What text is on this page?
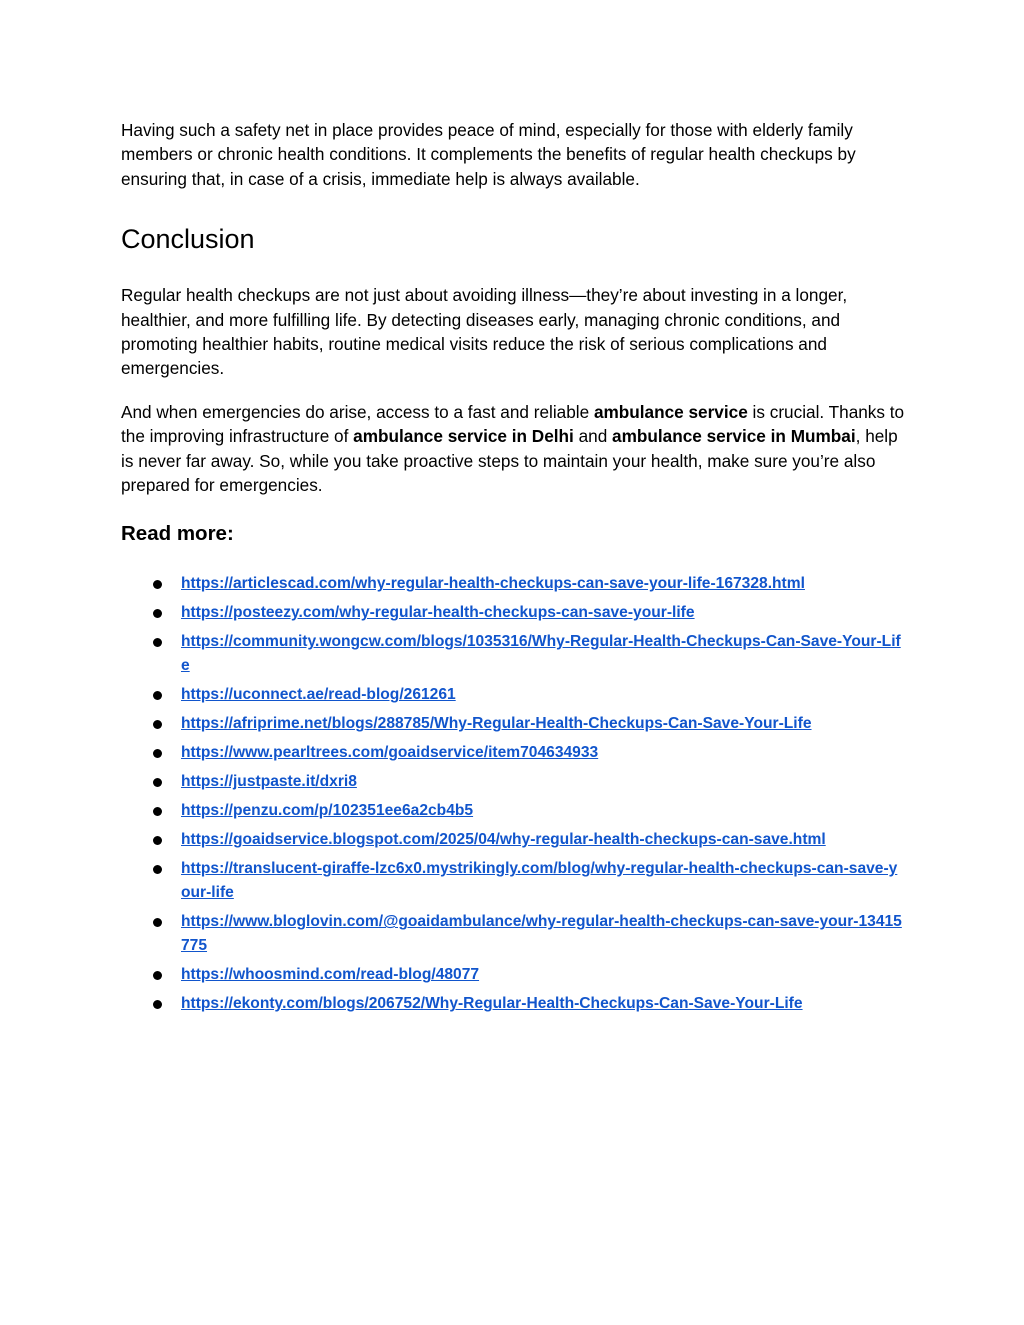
Having such a safety net in place provides peace of mind, especially for those with elderly family members or chronic health conditions. It complements the benefits of regular health checkups by ensuring that, in case of a crisis, immediate help is always available.

Conclusion

Regular health checkups are not just about avoiding illness—they’re about investing in a longer, healthier, and more fulfilling life. By detecting diseases early, managing chronic conditions, and promoting healthier habits, routine medical visits reduce the risk of serious complications and emergencies.

And when emergencies do arise, access to a fast and reliable ambulance service is crucial. Thanks to the improving infrastructure of ambulance service in Delhi and ambulance service in Mumbai, help is never far away. So, while you take proactive steps to maintain your health, make sure you’re also prepared for emergencies.

Read more:
https://articlescad.com/why-regular-health-checkups-can-save-your-life-167328.html
https://posteezy.com/why-regular-health-checkups-can-save-your-life
https://community.wongcw.com/blogs/1035316/Why-Regular-Health-Checkups-Can-Save-Your-Life
https://uconnect.ae/read-blog/261261
https://afriprime.net/blogs/288785/Why-Regular-Health-Checkups-Can-Save-Your-Life
https://www.pearltrees.com/goaidservice/item704634933
https://justpaste.it/dxri8
https://penzu.com/p/102351ee6a2cb4b5
https://goaidservice.blogspot.com/2025/04/why-regular-health-checkups-can-save.html
https://translucent-giraffe-lzc6x0.mystrikingly.com/blog/why-regular-health-checkups-can-save-your-life
https://www.bloglovin.com/@goaidambulance/why-regular-health-checkups-can-save-your-13415775
https://whoosmind.com/read-blog/48077
https://ekonty.com/blogs/206752/Why-Regular-Health-Checkups-Can-Save-Your-Life
